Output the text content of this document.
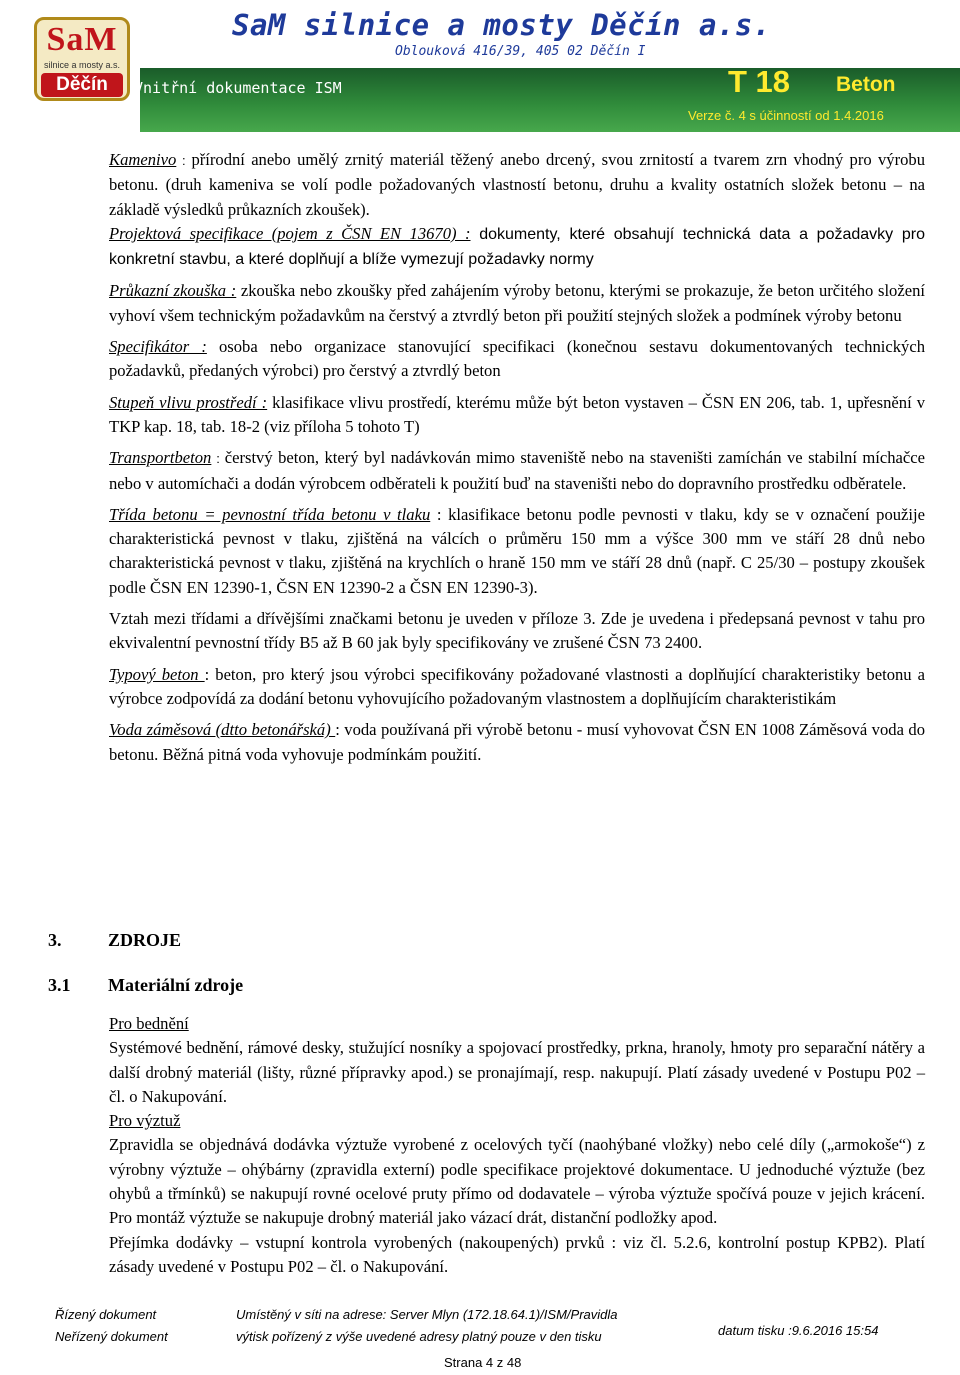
SaM
silnice a mosty a.s.
Děčín
SaM silnice a mosty Děčín a.s.
Oblouková 416/39, 405 02 Děčín I
Vnitřní dokumentace ISM	T 18 Beton
Verze č. 4 s účinností od 1.4.2016

Kamenivo : přírodní anebo umělý zrnitý materiál těžený anebo drcený, svou zrnitostí a tvarem zrn vhodný pro výrobu betonu. (druh kameniva se volí podle požadovaných vlastností betonu, druhu a kvality ostatních složek betonu – na základě výsledků průkazních zkoušek).

Projektová specifikace (pojem z ČSN EN 13670) : dokumenty, které obsahují technická data a požadavky pro konkretní stavbu, a které doplňují a blíže vymezují požadavky normy

Průkazní zkouška : zkouška nebo zkoušky před zahájením výroby betonu, kterými se prokazuje, že beton určitého složení vyhoví všem technickým požadavkům na čerstvý a ztvrdlý beton při použití stejných složek a podmínek výroby betonu

Specifikátor : osoba nebo organizace stanovující specifikaci (konečnou sestavu dokumentovaných technických požadavků, předaných výrobci) pro čerstvý a ztvrdlý beton

Stupeň vlivu prostředí : klasifikace vlivu prostředí, kterému může být beton vystaven – ČSN EN 206, tab. 1, upřesnění v TKP kap. 18, tab. 18-2 (viz příloha 5 tohoto T)

Transportbeton : čerstvý beton, který byl nadávkován mimo staveniště nebo na staveništi zamíchán ve stabilní míchačce nebo v automíchači a dodán výrobcem odběrateli k použití buď na staveništi nebo do dopravního prostředku odběratele.

Třída betonu = pevnostní třída betonu v tlaku : klasifikace betonu podle pevnosti v tlaku, kdy se v označení použije charakteristická pevnost v tlaku, zjištěná na válcích o průměru 150 mm a výšce 300 mm ve stáří 28 dnů nebo charakteristická pevnost v tlaku, zjištěná na krychlích o hraně 150 mm ve stáří 28 dnů (např. C 25/30 – postupy zkoušek podle ČSN EN 12390-1, ČSN EN 12390-2 a ČSN EN 12390-3).

Vztah mezi třídami a dřívějšími značkami betonu je uveden v příloze 3. Zde je uvedena i předepsaná pevnost v tahu pro ekvivalentní pevnostní třídy B5 až B 60 jak byly specifikovány ve zrušené ČSN 73 2400.

Typový beton : beton, pro který jsou výrobci specifikovány požadované vlastnosti a doplňující charakteristiky betonu a výrobce zodpovídá za dodání betonu vyhovujícího požadovaným vlastnostem a doplňujícím charakteristikám

Voda záměsová (dtto betonářská) : voda používaná při výrobě betonu - musí vyhovovat ČSN EN 1008 Záměsová voda do betonu. Běžná pitná voda vyhovuje podmínkám použití.

3.	ZDROJE
3.1 Materiální zdroje

Pro bednění

Systémové bednění, rámové desky, stužující nosníky a spojovací prostředky, prkna, hranoly, hmoty pro separační nátěry a další drobný materiál (lišty, různé přípravky apod.) se pronajímají, resp. nakupují. Platí zásady uvedené v Postupu P02 – čl. o Nakupování.

Pro výztuž

Zpravidla se objednává dodávka výztuže vyrobené z ocelových tyčí (naohýbané vložky) nebo celé díly („armokoše“) z výrobny výztuže – ohýbárny (zpravidla externí) podle specifikace projektové dokumentace. U jednoduché výztuže (bez ohybů a třmínků) se nakupují rovné ocelové pruty přímo od dodavatele – výroba výztuže spočívá pouze v jejich krácení. Pro montáž výztuže se nakupuje drobný materiál jako vázací drát, distanční podložky apod.

Přejímka dodávky – vstupní kontrola vyrobených (nakoupených) prvků : viz čl. 5.2.6, kontrolní postup KPB2). Platí zásady uvedené v Postupu P02 – čl. o Nakupování.

Řízený dokument
Neřízený dokument
Umístěný v síti na adrese: Server Mlyn (172.18.64.1)/ISM/Pravidla
výtisk pořízený z výše uvedené adresy platný pouze v den tisku	datum tisku :9.6.2016 15:54
Strana 4 z 48
